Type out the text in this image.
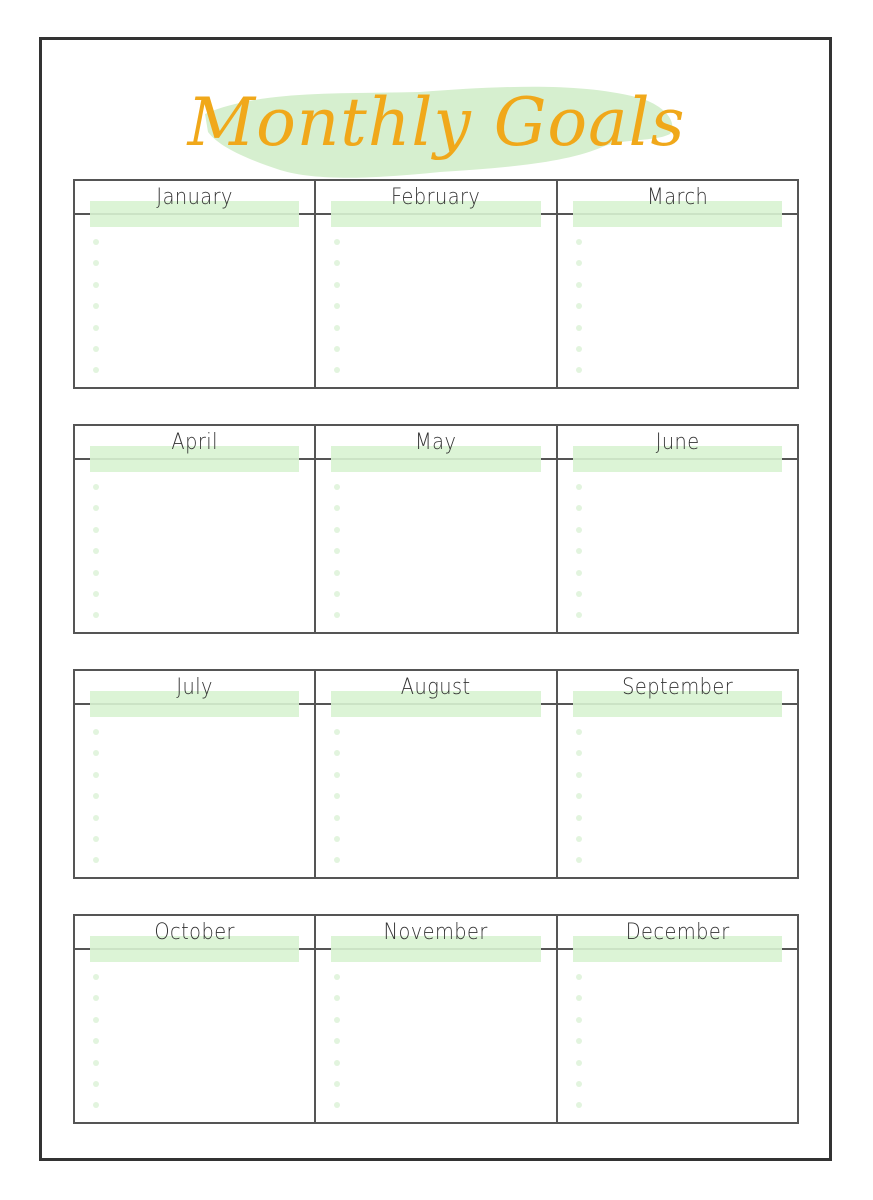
Monthly Goals
January	February	March
April	May	June
July	August	September
October	November	December
